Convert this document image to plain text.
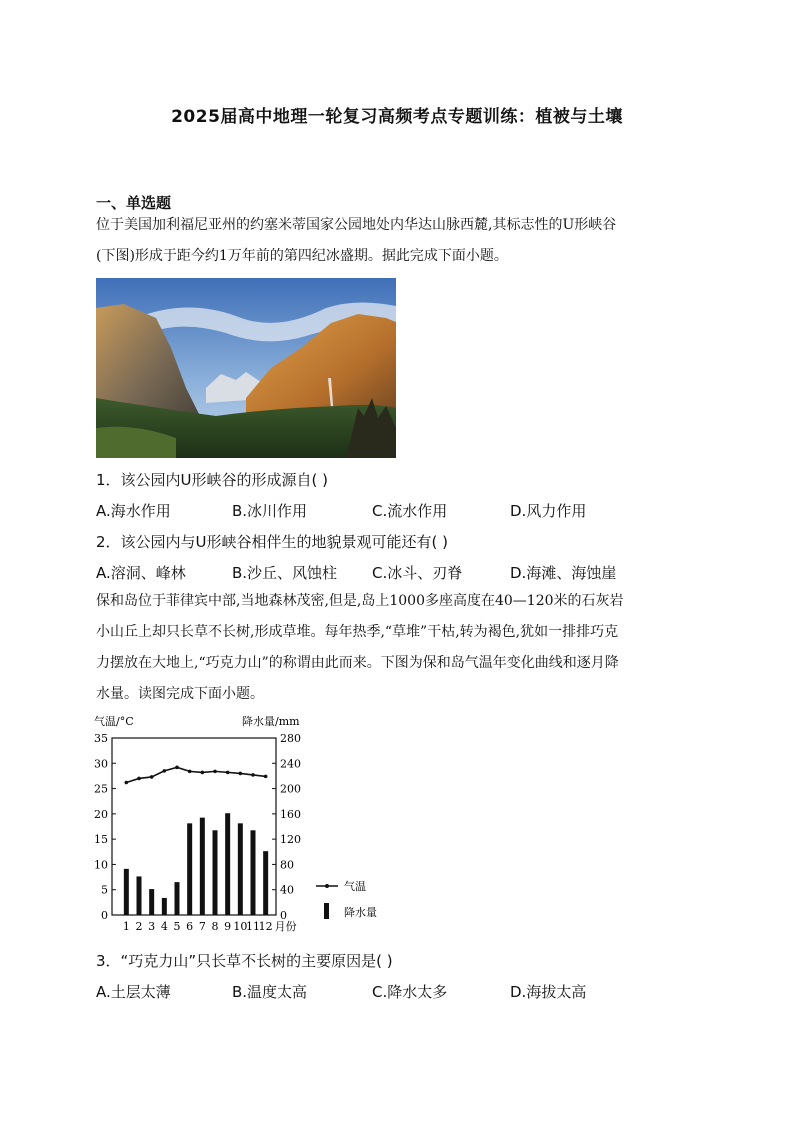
2025届高中地理一轮复习高频考点专题训练：植被与土壤
一、单选题
位于美国加利福尼亚州的约塞米蒂国家公园地处内华达山脉西麓,其标志性的U形峡谷
(下图)形成于距今约1万年前的第四纪冰盛期。据此完成下面小题。
1．该公园内U形峡谷的形成源自( )
A.海水作用	B.冰川作用	C.流水作用	D.风力作用
2．该公园内与U形峡谷相伴生的地貌景观可能还有( )
A.溶洞、峰林	B.沙丘、风蚀柱 C.冰斗、刃脊	D.海滩、海蚀崖
保和岛位于菲律宾中部,当地森林茂密,但是,岛上1000多座高度在40—120米的石灰岩
小山丘上却只长草不长树,形成草堆。每年热季,“草堆”干枯,转为褐色,犹如一排排巧克
力摆放在大地上,“巧克力山”的称谓由此而来。下图为保和岛气温年变化曲线和逐月降
水量。读图完成下面小题。
气温/°C	降水量/mm
0
5
10
15
20
25
30
35
0
40
80
120
160
200
240
280
1 2 3 4 5 6 7 8 9 10
11
12 月份
气温
降水量
3．“巧克力山”只长草不长树的主要原因是( )
A.土层太薄	B.温度太高	C.降水太多	D.海拔太高
